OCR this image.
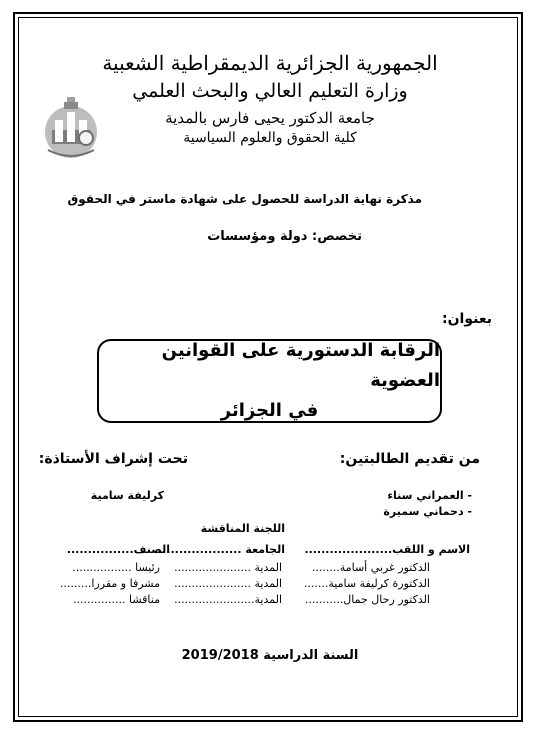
الجمهورية الجزائرية الديمقراطية الشعبية
وزارة التعليم العالي والبحث العلمي
جامعة الدكتور يحيى فارس بالمدية
كلية الحقوق والعلوم السياسية
مذكرة نهاية الدراسة للحصول على شهادة ماستر في الحقوق
تخصص: دولة ومؤسسات
بعنوان:
الرقابة الدستورية على القوانين العضوية
في الجزائر
من تقديم الطالبتين:
تحت إشراف الأستاذة:
- العمراني سناء
- دحماني سميرة
كرليفة سامية
اللجنة المناقشة
الاسم و اللقب.....................
الجامعة .....................
الصنف................
الدكتور غربي أسامة........
المدية ......................
رئيسا .................
الدكتورة كرليفة سامية.......
المدية ......................
مشرفا و مقررا.........
الدكتور رحال جمال...........
المدية.......................
مناقشا ...............
السنة الدراسية 2019/2018
